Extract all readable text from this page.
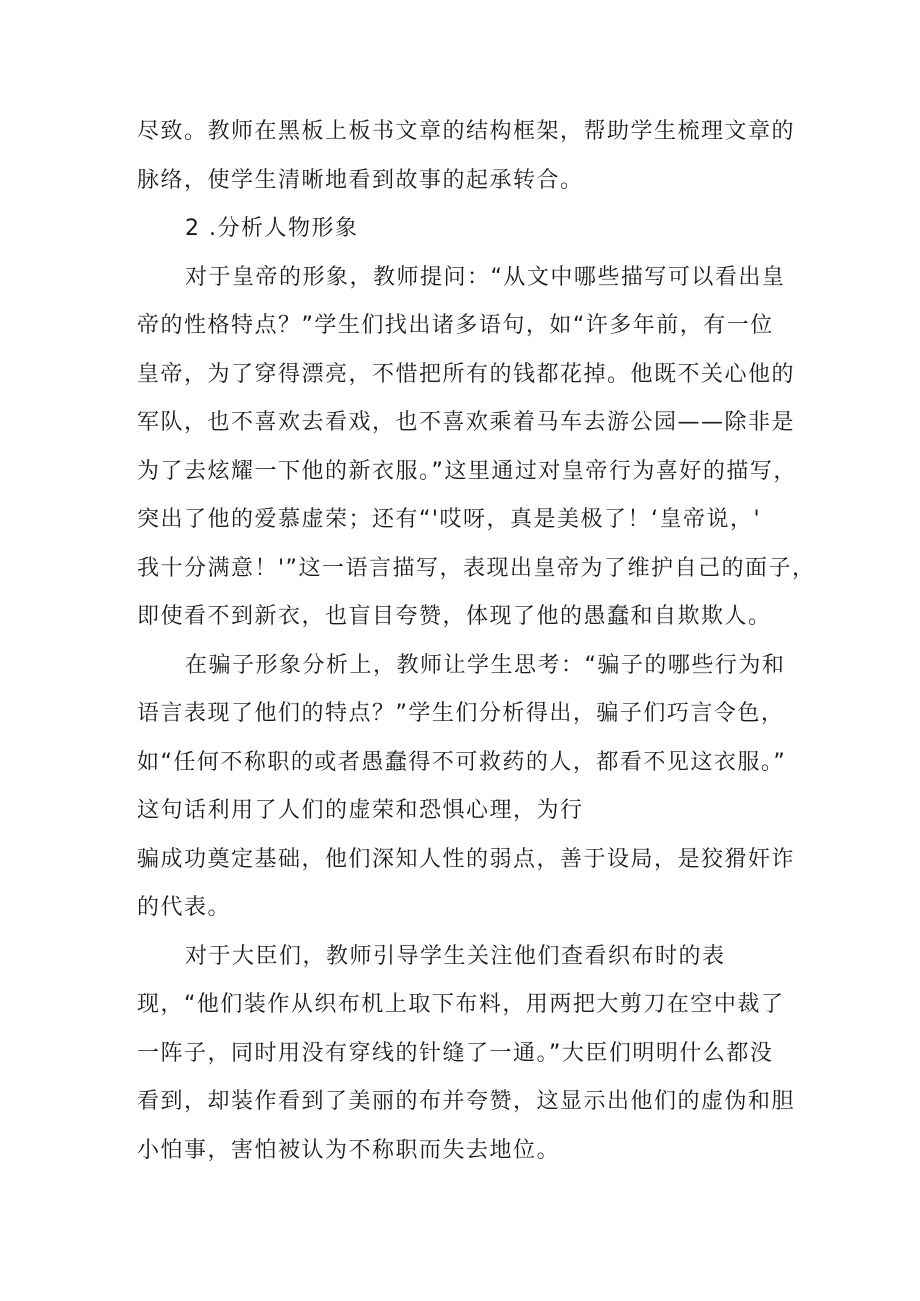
尽致。教师在黑板上板书文章的结构框架，帮助学生梳理文章的

脉络，使学生清晰地看到故事的起承转合。

2 .分析人物形象

对于皇帝的形象，教师提问：“从文中哪些描写可以看出皇

帝的性格特点？”学生们找出诸多语句，如“许多年前，有一位

皇帝，为了穿得漂亮，不惜把所有的钱都花掉。他既不关心他的

军队，也不喜欢去看戏，也不喜欢乘着马车去游公园——除非是

为了去炫耀一下他的新衣服。”这里通过对皇帝行为喜好的描写，

突出了他的爱慕虚荣；还有“'哎呀，真是美极了！‘皇帝说，'

我十分满意！'”这一语言描写，表现出皇帝为了维护自己的面子，

即使看不到新衣，也盲目夸赞，体现了他的愚蠢和自欺欺人。

在骗子形象分析上，教师让学生思考：“骗子的哪些行为和

语言表现了他们的特点？”学生们分析得出，骗子们巧言令色，

如“任何不称职的或者愚蠢得不可救药的人，都看不见这衣服。”

这句话利用了人们的虚荣和恐惧心理，为行

骗成功奠定基础，他们深知人性的弱点，善于设局，是狡猾奸诈

的代表。

对于大臣们，教师引导学生关注他们查看织布时的表

现，“他们装作从织布机上取下布料，用两把大剪刀在空中裁了

一阵子，同时用没有穿线的针缝了一通。”大臣们明明什么都没

看到，却装作看到了美丽的布并夸赞，这显示出他们的虚伪和胆

小怕事，害怕被认为不称职而失去地位。
